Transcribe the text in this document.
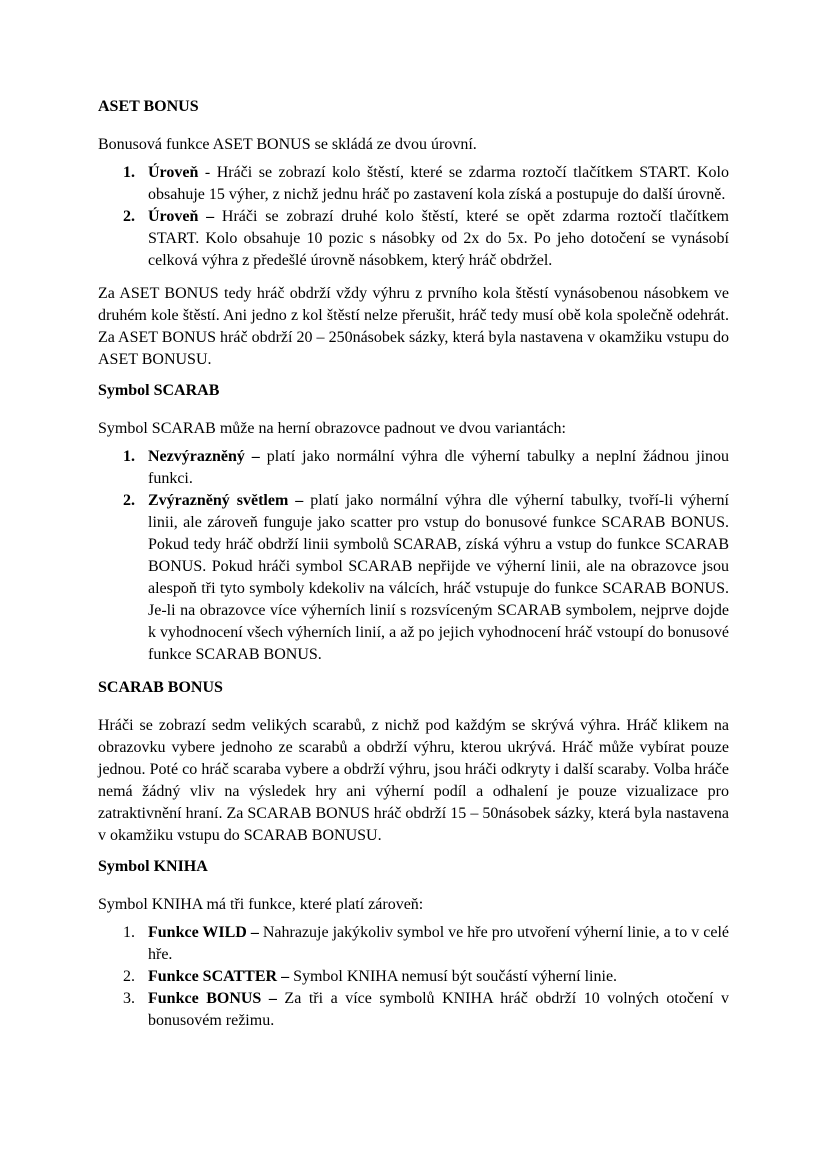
ASET BONUS

Bonusová funkce ASET BONUS se skládá ze dvou úrovní.

1. Úroveň - Hráči se zobrazí kolo štěstí, které se zdarma roztočí tlačítkem START. Kolo obsahuje 15 výher, z nichž jednu hráč po zastavení kola získá a postupuje do další úrovně.
2. Úroveň – Hráči se zobrazí druhé kolo štěstí, které se opět zdarma roztočí tlačítkem START. Kolo obsahuje 10 pozic s násobky od 2x do 5x. Po jeho dotočení se vynásobí celková výhra z předešlé úrovně násobkem, který hráč obdržel.

Za ASET BONUS tedy hráč obdrží vždy výhru z prvního kola štěstí vynásobenou násobkem ve druhém kole štěstí. Ani jedno z kol štěstí nelze přerušit, hráč tedy musí obě kola společně odehrát. Za ASET BONUS hráč obdrží 20 – 250násobek sázky, která byla nastavena v okamžiku vstupu do ASET BONUSU.

Symbol SCARAB

Symbol SCARAB může na herní obrazovce padnout ve dvou variantách:

1. Nezvýrazněný – platí jako normální výhra dle výherní tabulky a neplní žádnou jinou funkci.
2. Zvýrazněný světlem – platí jako normální výhra dle výherní tabulky, tvoří-li výherní linii, ale zároveň funguje jako scatter pro vstup do bonusové funkce SCARAB BONUS. Pokud tedy hráč obdrží linii symbolů SCARAB, získá výhru a vstup do funkce SCARAB BONUS. Pokud hráči symbol SCARAB nepřijde ve výherní linii, ale na obrazovce jsou alespoň tři tyto symboly kdekoliv na válcích, hráč vstupuje do funkce SCARAB BONUS. Je-li na obrazovce více výherních linií s rozsvíceným SCARAB symbolem, nejprve dojde k vyhodnocení všech výherních linií, a až po jejich vyhodnocení hráč vstoupí do bonusové funkce SCARAB BONUS.
SCARAB BONUS

Hráči se zobrazí sedm velikých scarabů, z nichž pod každým se skrývá výhra. Hráč klikem na obrazovku vybere jednoho ze scarabů a obdrží výhru, kterou ukrývá. Hráč může vybírat pouze jednou. Poté co hráč scaraba vybere a obdrží výhru, jsou hráči odkryty i další scaraby. Volba hráče nemá žádný vliv na výsledek hry ani výherní podíl a odhalení je pouze vizualizace pro zatraktivnění hraní. Za SCARAB BONUS hráč obdrží 15 – 50násobek sázky, která byla nastavena v okamžiku vstupu do SCARAB BONUSU.

Symbol KNIHA

Symbol KNIHA má tři funkce, které platí zároveň:

1. Funkce WILD – Nahrazuje jakýkoliv symbol ve hře pro utvoření výherní linie, a to v celé hře.
2. Funkce SCATTER – Symbol KNIHA nemusí být součástí výherní linie.
3. Funkce BONUS – Za tři a více symbolů KNIHA hráč obdrží 10 volných otočení v bonusovém režimu.
